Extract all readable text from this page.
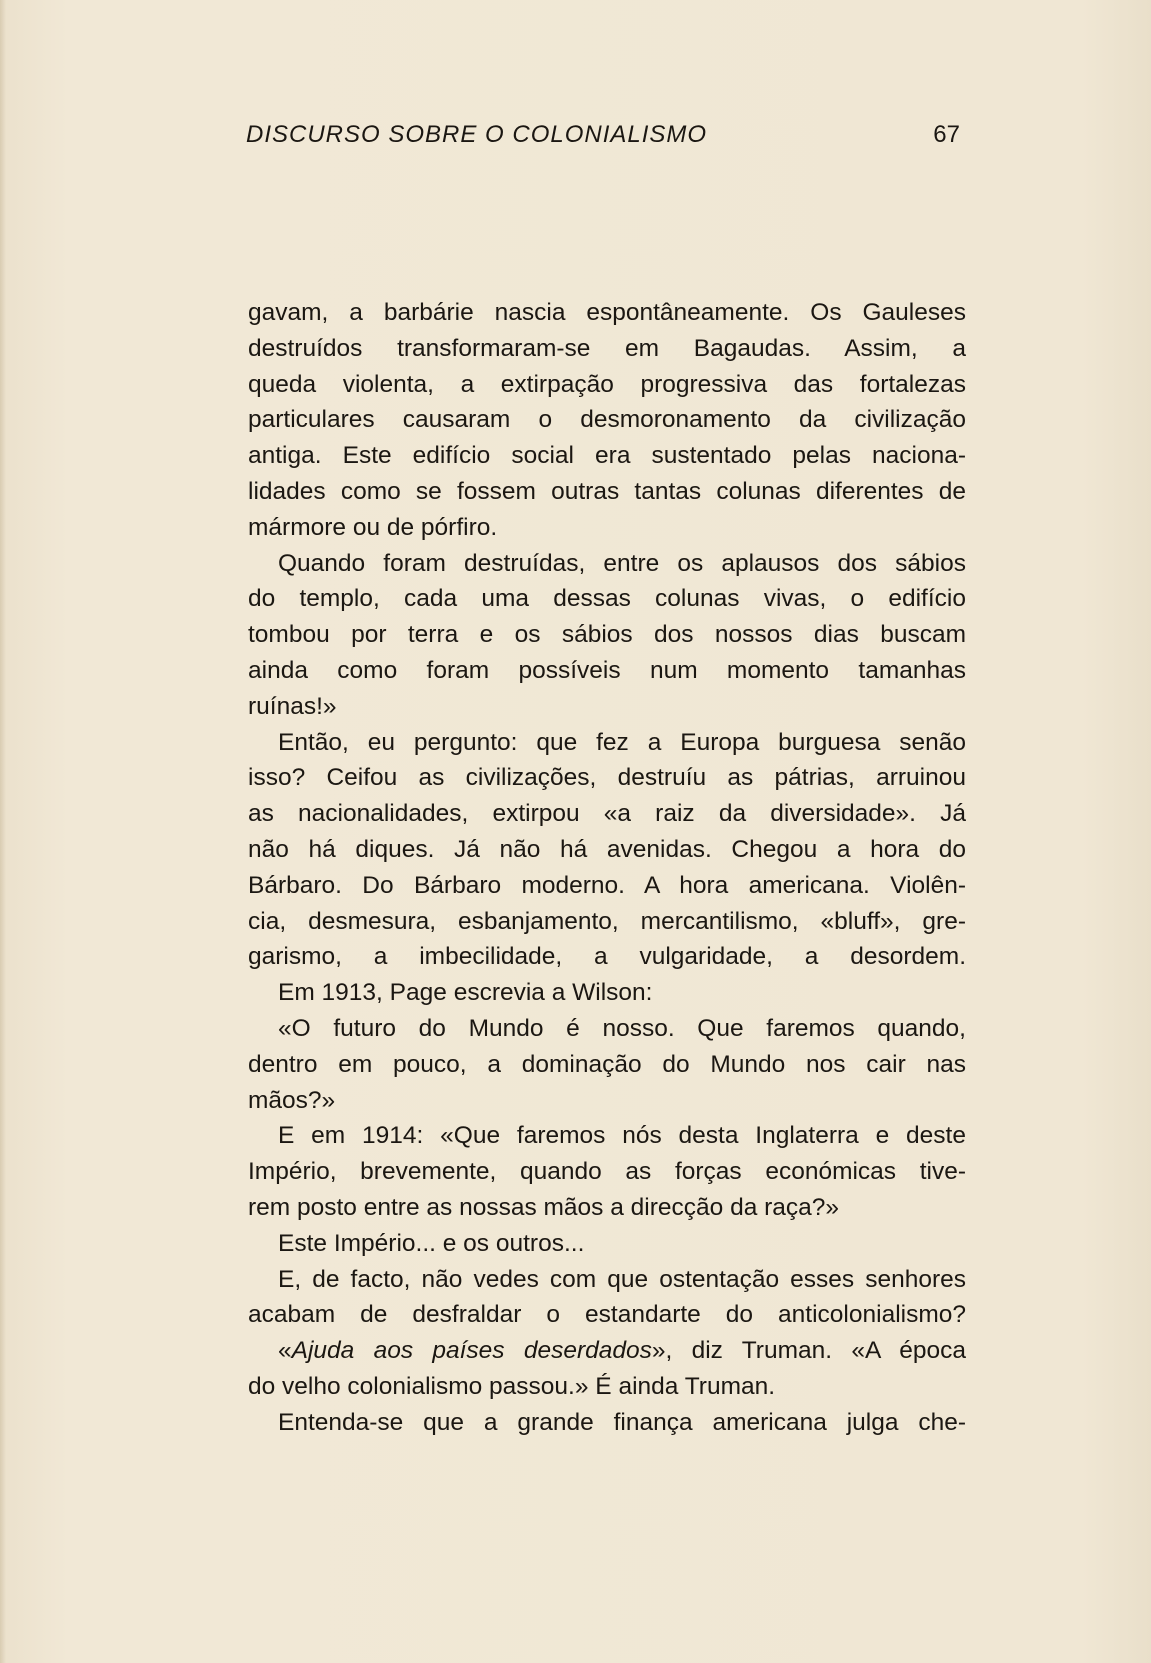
DISCURSO SOBRE O COLONIALISMO	67
gavam, a barbárie nascia espontâneamente. Os Gauleses
destruídos transformaram-se em Bagaudas. Assim, a
queda violenta, a extirpação progressiva das fortalezas
particulares causaram o desmoronamento da civilização
antiga. Este edifício social era sustentado pelas naciona-
lidades como se fossem outras tantas colunas diferentes de
mármore ou de pórfiro.
Quando foram destruídas, entre os aplausos dos sábios
do templo, cada uma dessas colunas vivas, o edifício
tombou por terra e os sábios dos nossos dias buscam
ainda como foram possíveis num momento tamanhas
ruínas!»
Então, eu pergunto: que fez a Europa burguesa senão
isso? Ceifou as civilizações, destruíu as pátrias, arruinou
as nacionalidades, extirpou «a raiz da diversidade». Já
não há diques. Já não há avenidas. Chegou a hora do
Bárbaro. Do Bárbaro moderno. A hora americana. Violên-
cia, desmesura, esbanjamento, mercantilismo, «bluff», gre-
garismo, a imbecilidade, a vulgaridade, a desordem.
Em 1913, Page escrevia a Wilson:
«O futuro do Mundo é nosso. Que faremos quando,
dentro em pouco, a dominação do Mundo nos cair nas
mãos?»
E em 1914: «Que faremos nós desta Inglaterra e deste
Império, brevemente, quando as forças económicas tive-
rem posto entre as nossas mãos a direcção da raça?»
Este Império... e os outros...
E, de facto, não vedes com que ostentação esses senhores
acabam de desfraldar o estandarte do anticolonialismo?
«Ajuda aos países deserdados», diz Truman. «A época
do velho colonialismo passou.» É ainda Truman.
Entenda-se que a grande finança americana julga che-
